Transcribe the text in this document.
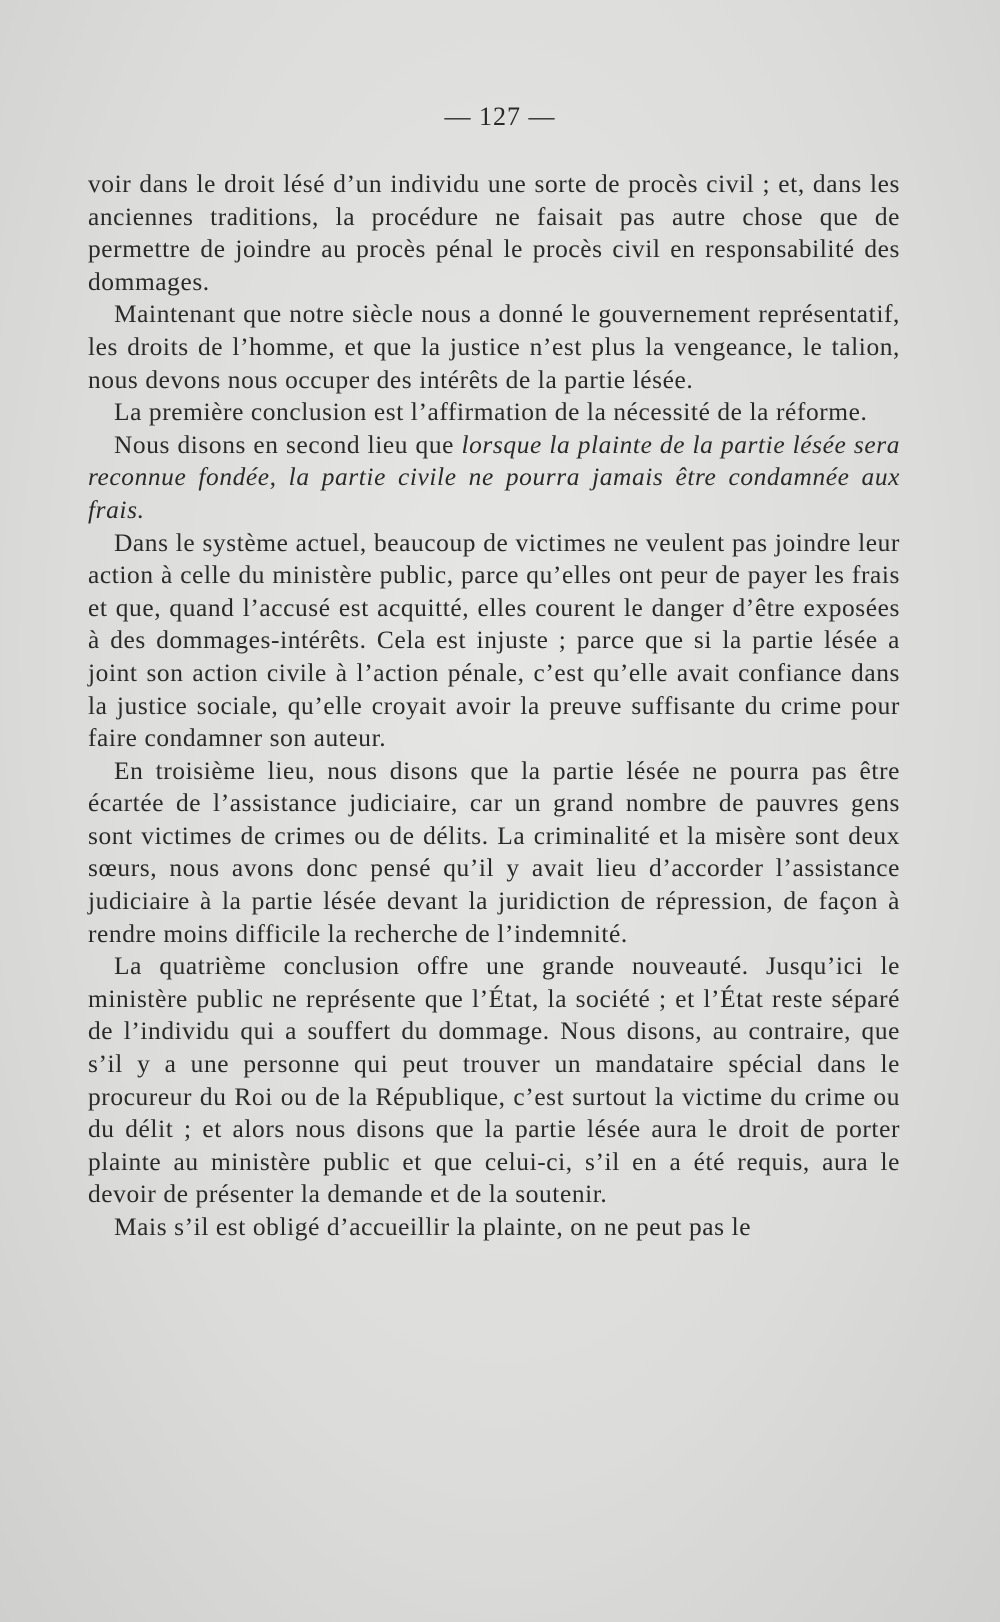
— 127 —

voir dans le droit lésé d’un individu une sorte de procès civil ; et, dans les anciennes traditions, la procédure ne faisait pas autre chose que de permettre de joindre au procès pénal le procès civil en responsabilité des dommages.

Maintenant que notre siècle nous a donné le gouvernement représentatif, les droits de l’homme, et que la justice n’est plus la vengeance, le talion, nous devons nous occuper des intérêts de la partie lésée.

La première conclusion est l’affirmation de la nécessité de la réforme.

Nous disons en second lieu que lorsque la plainte de la partie lésée sera reconnue fondée, la partie civile ne pourra jamais être condamnée aux frais.

Dans le système actuel, beaucoup de victimes ne veulent pas joindre leur action à celle du ministère public, parce qu’elles ont peur de payer les frais et que, quand l’accusé est acquitté, elles courent le danger d’être exposées à des dommages-intérêts. Cela est injuste ; parce que si la partie lésée a joint son action civile à l’action pénale, c’est qu’elle avait confiance dans la justice sociale, qu’elle croyait avoir la preuve suffisante du crime pour faire condamner son auteur.

En troisième lieu, nous disons que la partie lésée ne pourra pas être écartée de l’assistance judiciaire, car un grand nombre de pauvres gens sont victimes de crimes ou de délits. La criminalité et la misère sont deux sœurs, nous avons donc pensé qu’il y avait lieu d’accorder l’assistance judiciaire à la partie lésée devant la juridiction de répression, de façon à rendre moins difficile la recherche de l’indemnité.

La quatrième conclusion offre une grande nouveauté. Jusqu’ici le ministère public ne représente que l’État, la société ; et l’État reste séparé de l’individu qui a souffert du dommage. Nous disons, au contraire, que s’il y a une personne qui peut trouver un mandataire spécial dans le procureur du Roi ou de la République, c’est surtout la victime du crime ou du délit ; et alors nous disons que la partie lésée aura le droit de porter plainte au ministère public et que celui-ci, s’il en a été requis, aura le devoir de présenter la demande et de la soutenir.

Mais s’il est obligé d’accueillir la plainte, on ne peut pas le
